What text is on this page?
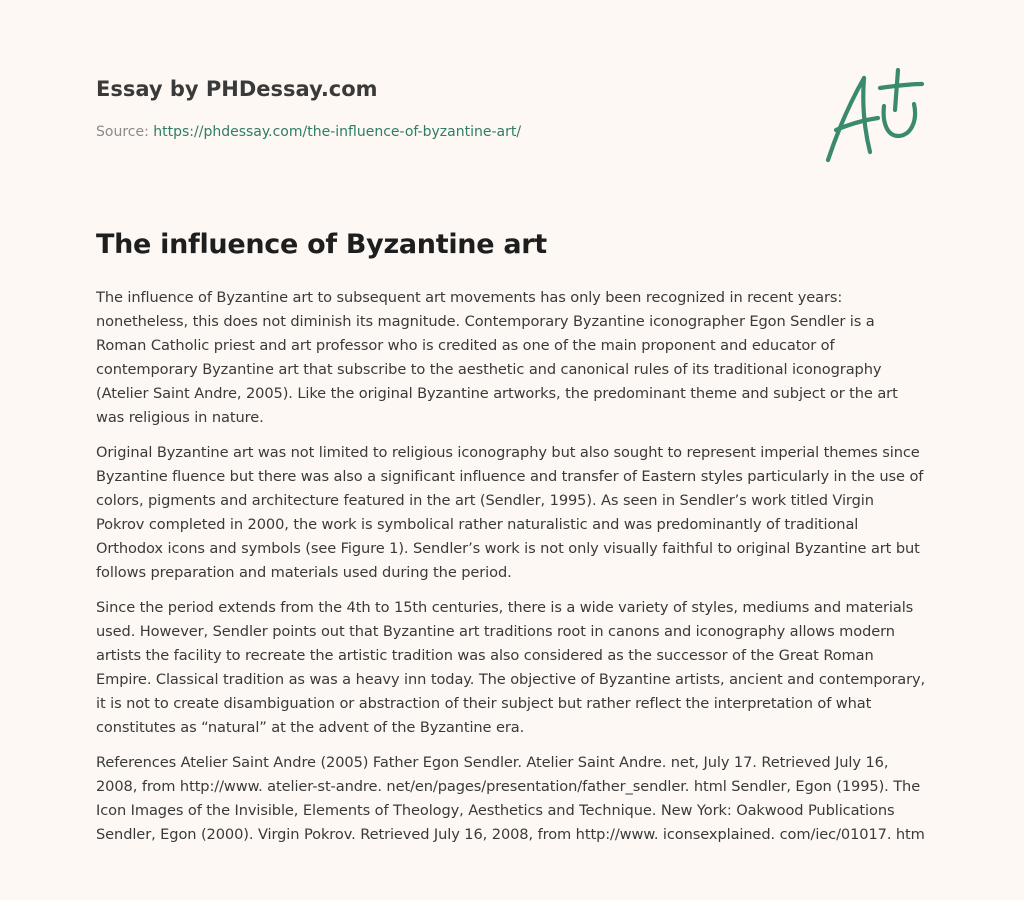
Essay by PHDessay.com
Source: https://phdessay.com/the-influence-of-byzantine-art/
The influence of Byzantine art

The influence of Byzantine art to subsequent art movements has only been recognized in recent years: nonetheless, this does not diminish its magnitude. Contemporary Byzantine iconographer Egon Sendler is a Roman Catholic priest and art professor who is credited as one of the main proponent and educator of contemporary Byzantine art that subscribe to the aesthetic and canonical rules of its traditional iconography (Atelier Saint Andre, 2005). Like the original Byzantine artworks, the predominant theme and subject or the art was religious in nature.

Original Byzantine art was not limited to religious iconography but also sought to represent imperial themes since Byzantine fluence but there was also a significant influence and transfer of Eastern styles particularly in the use of colors, pigments and architecture featured in the art (Sendler, 1995). As seen in Sendler’s work titled Virgin Pokrov completed in 2000, the work is symbolical rather naturalistic and was predominantly of traditional Orthodox icons and symbols (see Figure 1). Sendler’s work is not only visually faithful to original Byzantine art but follows preparation and materials used during the period.

Since the period extends from the 4th to 15th centuries, there is a wide variety of styles, mediums and materials used. However, Sendler points out that Byzantine art traditions root in canons and iconography allows modern artists the facility to recreate the artistic tradition was also considered as the successor of the Great Roman Empire. Classical tradition as was a heavy inn today. The objective of Byzantine artists, ancient and contemporary, it is not to create disambiguation or abstraction of their subject but rather reflect the interpretation of what constitutes as “natural” at the advent of the Byzantine era.

References Atelier Saint Andre (2005) Father Egon Sendler. Atelier Saint Andre. net, July 17. Retrieved July 16, 2008, from http://www. atelier-st-andre. net/en/pages/presentation/father_sendler. html Sendler, Egon (1995). The Icon Images of the Invisible, Elements of Theology, Aesthetics and Technique. New York: Oakwood Publications Sendler, Egon (2000). Virgin Pokrov. Retrieved July 16, 2008, from http://www. iconsexplained. com/iec/01017. htm
